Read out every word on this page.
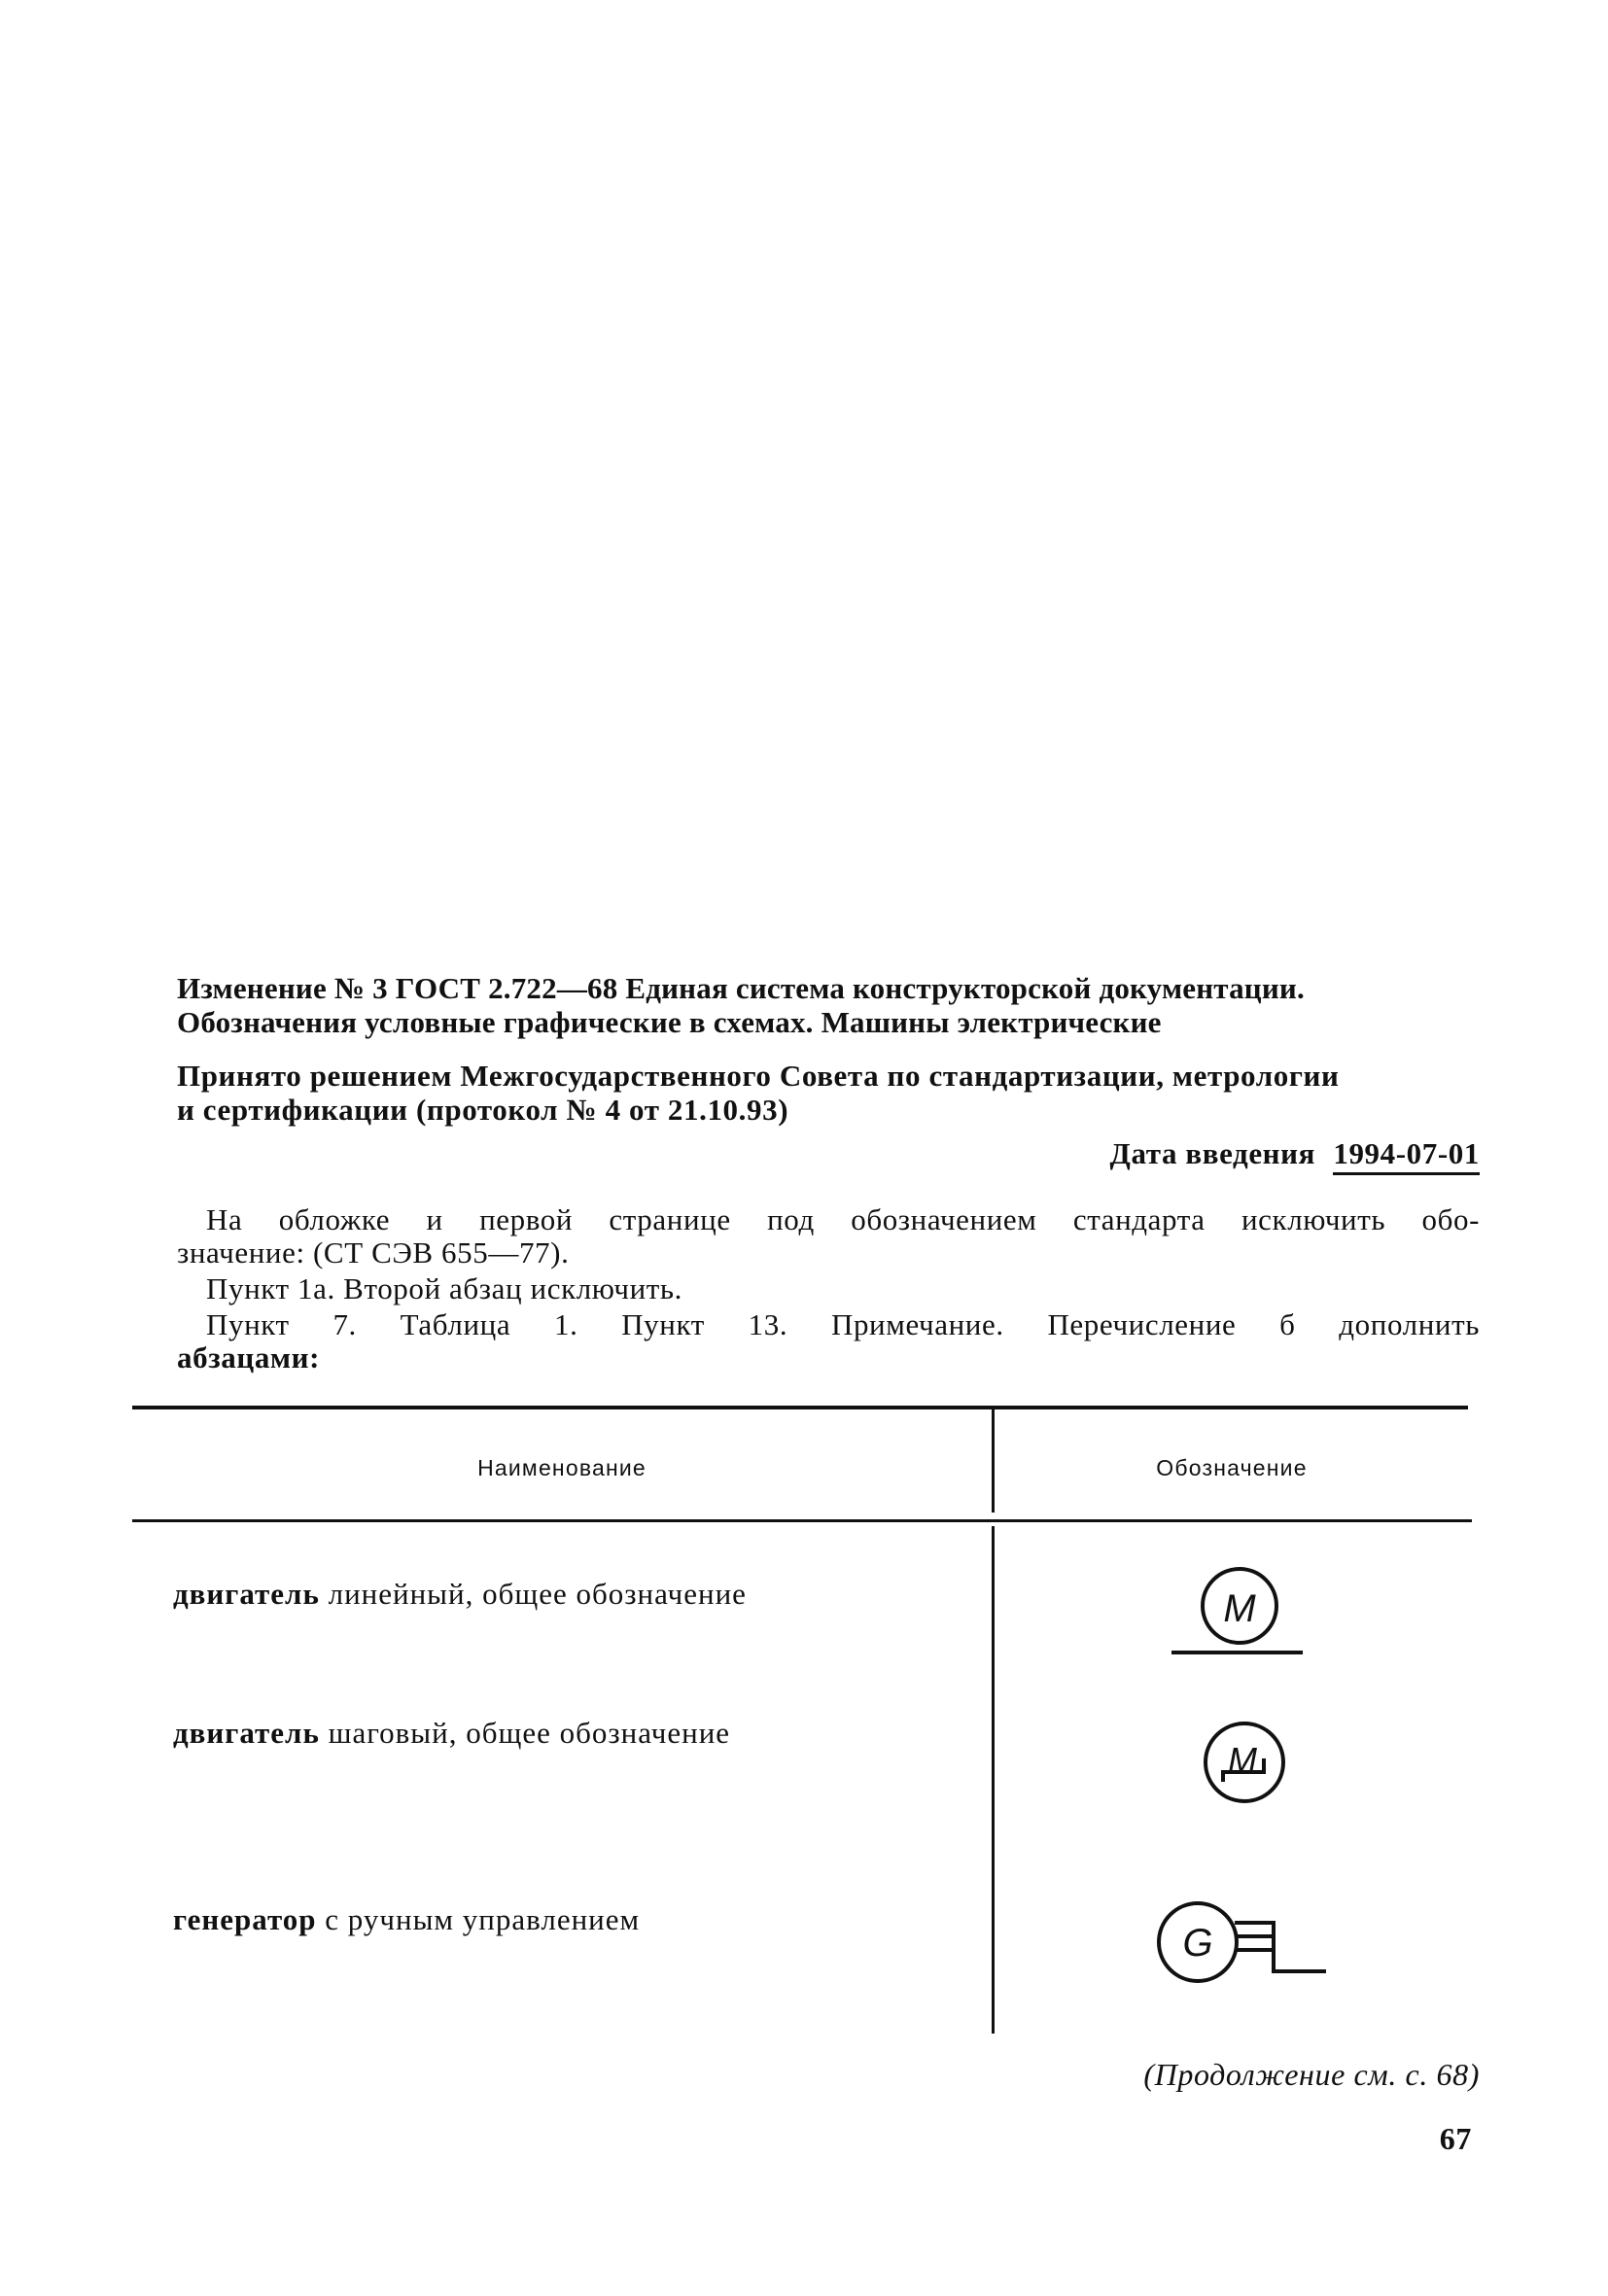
Изменение № 3 ГОСТ 2.722—68 Единая система конструкторской документации.
Обозначения условные графические в схемах. Машины электрические
Принято решением Межгосударственного Совета по стандартизации, метрологии
и сертификации (протокол № 4 от 21.10.93)
Дата введения 1994-07-01
На обложке и первой странице под обозначением стандарта исключить обо-
значение: (СТ СЭВ 655—77).
Пункт 1а. Второй абзац исключить.
Пункт 7. Таблица 1. Пункт 13. Примечание. Перечисление б дополнить
абзацами:
Наименование	Обозначение
двигатель линейный, общее обозначение	M
двигатель шаговый, общее обозначение
M
генератор с ручным управлением
G
(Продолжение см. с. 68)
67
